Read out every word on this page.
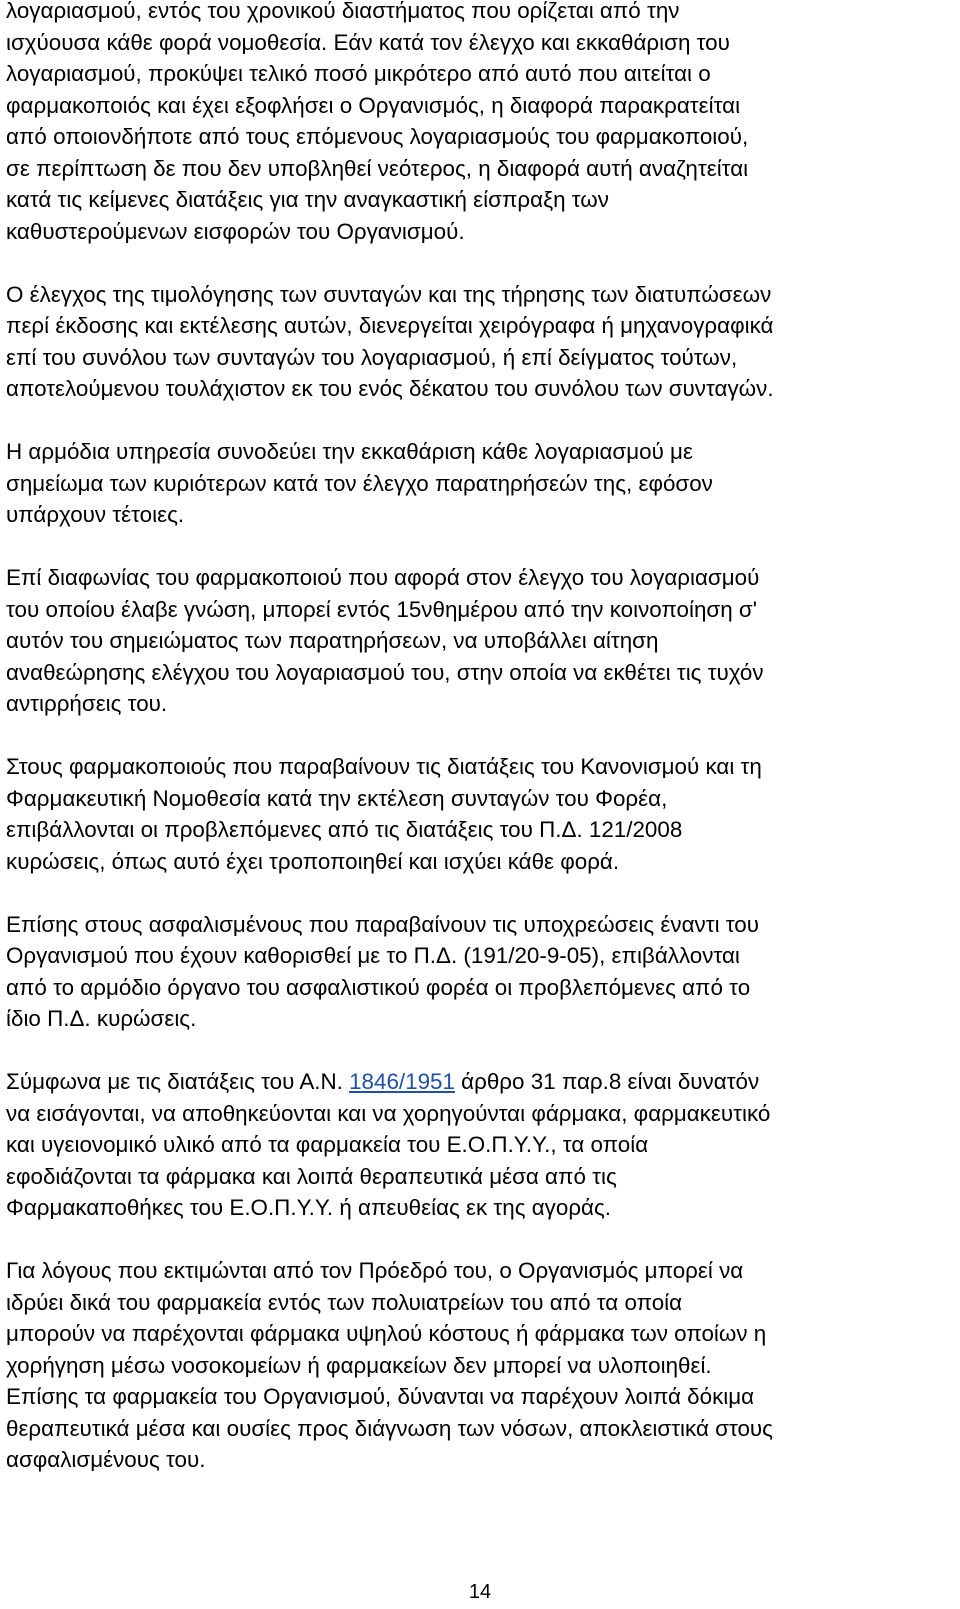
λογαριασμού, εντός του χρονικού διαστήματος που ορίζεται από την
ισχύουσα κάθε φορά νομοθεσία. Εάν κατά τον έλεγχο και εκκαθάριση του
λογαριασμού, προκύψει τελικό ποσό μικρότερο από αυτό που αιτείται ο
φαρμακοποιός και έχει εξοφλήσει ο Οργανισμός, η διαφορά παρακρατείται
από οποιονδήποτε από τους επόμενους λογαριασμούς του φαρμακοποιού,
σε περίπτωση δε που δεν υποβληθεί νεότερος, η διαφορά αυτή αναζητείται
κατά τις κείμενες διατάξεις για την αναγκαστική είσπραξη των
καθυστερούμενων εισφορών του Οργανισμού.

Ο έλεγχος της τιμολόγησης των συνταγών και της τήρησης των διατυπώσεων
περί έκδοσης και εκτέλεσης αυτών, διενεργείται χειρόγραφα ή μηχανογραφικά
επί του συνόλου των συνταγών του λογαριασμού, ή επί δείγματος τούτων,
αποτελούμενου τουλάχιστον εκ του ενός δέκατου του συνόλου των συνταγών.

Η αρμόδια υπηρεσία συνοδεύει την εκκαθάριση κάθε λογαριασμού με
σημείωμα των κυριότερων κατά τον έλεγχο παρατηρήσεών της, εφόσον
υπάρχουν τέτοιες.

Επί διαφωνίας του φαρμακοποιού που αφορά στον έλεγχο του λογαριασμού
του οποίου έλαβε γνώση, μπορεί εντός 15νθημέρου από την κοινοποίηση σ'
αυτόν του σημειώματος των παρατηρήσεων, να υποβάλλει αίτηση
αναθεώρησης ελέγχου του λογαριασμού του, στην οποία να εκθέτει τις τυχόν
αντιρρήσεις του.

Στους φαρμακοποιούς που παραβαίνουν τις διατάξεις του Κανονισμού και τη
Φαρμακευτική Νομοθεσία κατά την εκτέλεση συνταγών του Φορέα,
επιβάλλονται οι προβλεπόμενες από τις διατάξεις του Π.Δ. 121/2008
κυρώσεις, όπως αυτό έχει τροποποιηθεί και ισχύει κάθε φορά.

Επίσης στους ασφαλισμένους που παραβαίνουν τις υποχρεώσεις έναντι του
Οργανισμού που έχουν καθορισθεί με το Π.Δ. (191/20-9-05), επιβάλλονται
από το αρμόδιο όργανο του ασφαλιστικού φορέα οι προβλεπόμενες από το
ίδιο Π.Δ. κυρώσεις.

Σύμφωνα με τις διατάξεις του Α.Ν. 1846/1951 άρθρο 31 παρ.8 είναι δυνατόν
να εισάγονται, να αποθηκεύονται και να χορηγούνται φάρμακα, φαρμακευτικό
και υγειονομικό υλικό από τα φαρμακεία του Ε.Ο.Π.Υ.Υ., τα οποία
εφοδιάζονται τα φάρμακα και λοιπά θεραπευτικά μέσα από τις
Φαρμακαποθήκες του Ε.Ο.Π.Υ.Υ. ή απευθείας εκ της αγοράς.

Για λόγους που εκτιμώνται από τον Πρόεδρό του, ο Οργανισμός μπορεί να
ιδρύει δικά του φαρμακεία εντός των πολυιατρείων του από τα οποία
μπορούν να παρέχονται φάρμακα υψηλού κόστους ή φάρμακα των οποίων η
χορήγηση μέσω νοσοκομείων ή φαρμακείων δεν μπορεί να υλοποιηθεί.
Επίσης τα φαρμακεία του Οργανισμού, δύνανται να παρέχουν λοιπά δόκιμα
θεραπευτικά μέσα και ουσίες προς διάγνωση των νόσων, αποκλειστικά στους
ασφαλισμένους του.

14
